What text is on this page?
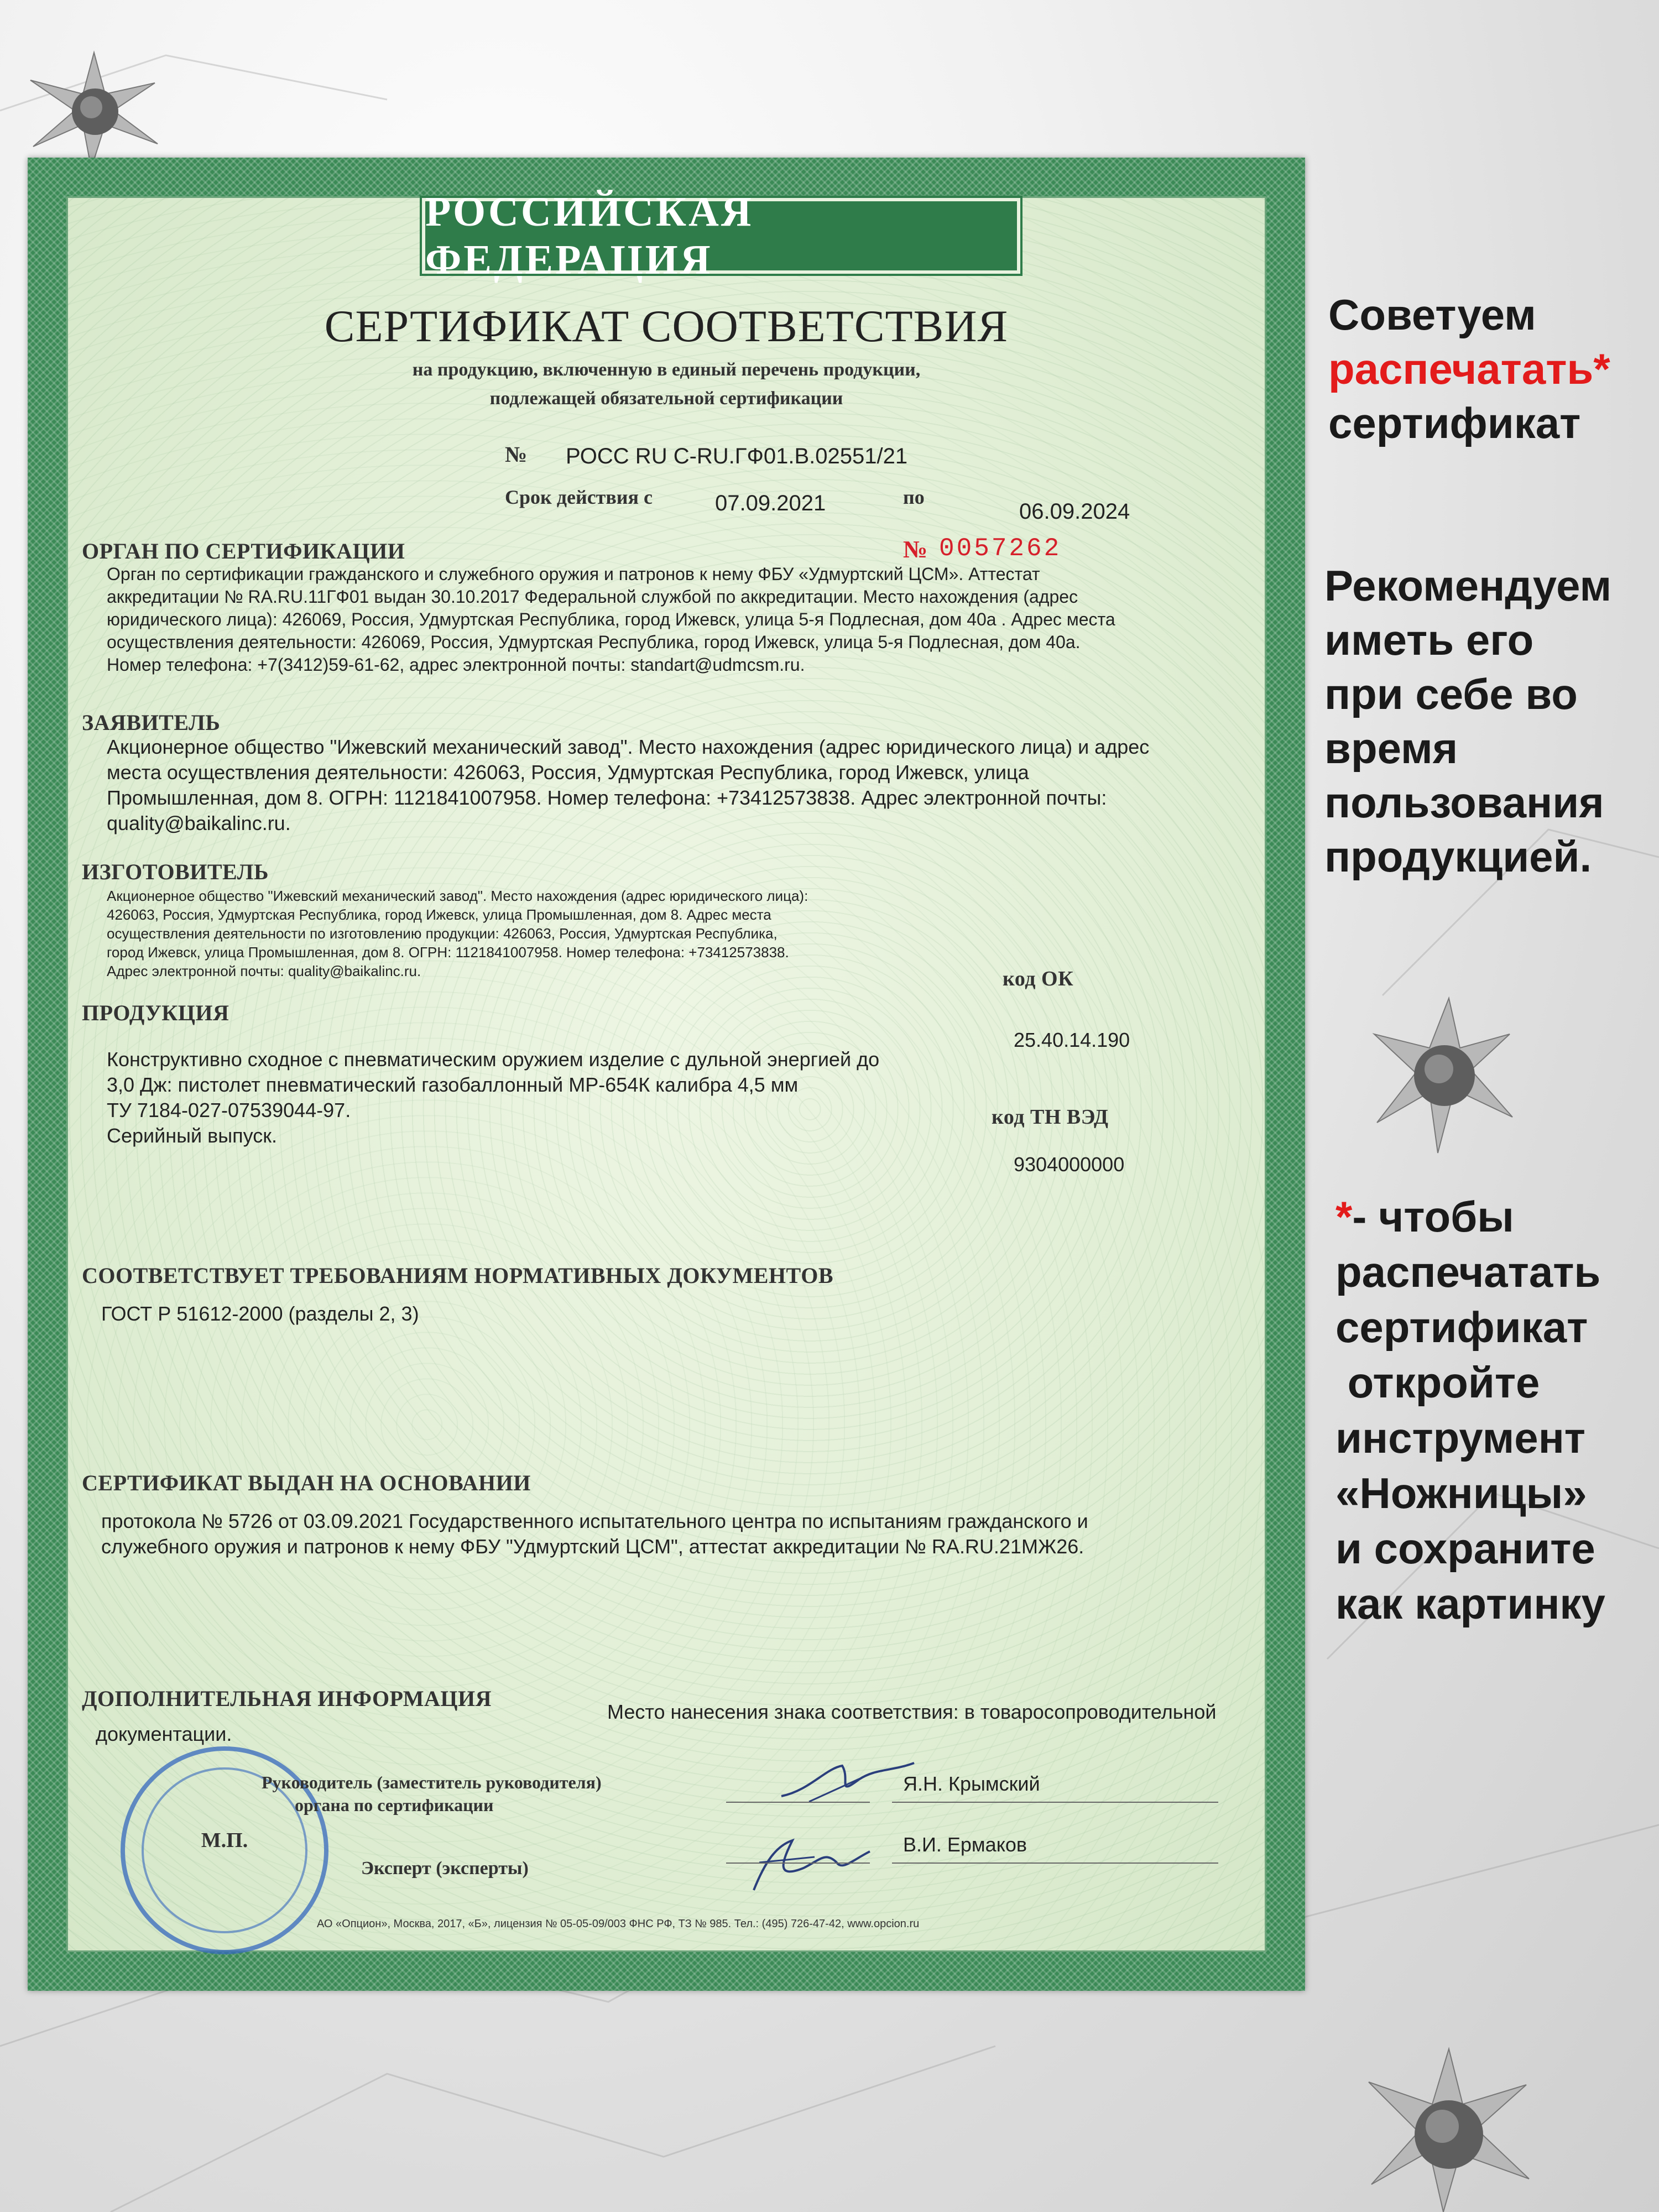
РОССИЙСКАЯ ФЕДЕРАЦИЯ
СЕРТИФИКАТ СООТВЕТСТВИЯ
на продукцию, включенную в единый перечень продукции,
подлежащей обязательной сертификации
№ РОСС RU С-RU.ГФ01.В.02551/21
Срок действия с	07.09.2021	по
06.09.2024
№ 0057262
ОРГАН ПО СЕРТИФИКАЦИИ
Орган по сертификации гражданского и служебного оружия и патронов к нему ФБУ «Удмуртский ЦСМ». Аттестат
аккредитации № RA.RU.11ГФ01 выдан 30.10.2017 Федеральной службой по аккредитации. Место нахождения (адрес
юридического лица): 426069, Россия, Удмуртская Республика, город Ижевск, улица 5-я Подлесная, дом 40а . Адрес места
осуществления деятельности: 426069, Россия, Удмуртская Республика, город Ижевск, улица 5-я Подлесная, дом 40а.
Номер телефона: +7(3412)59-61-62, адрес электронной почты: standart@udmcsm.ru.
ЗАЯВИТЕЛЬ
Акционерное общество "Ижевский механический завод". Место нахождения (адрес юридического лица) и адрес
места осуществления деятельности: 426063, Россия, Удмуртская Республика, город Ижевск, улица
Промышленная, дом 8. ОГРН: 1121841007958. Номер телефона: +73412573838. Адрес электронной почты:
quality@baikalinc.ru.
ИЗГОТОВИТЕЛЬ
Акционерное общество "Ижевский механический завод". Место нахождения (адрес юридического лица):
426063, Россия, Удмуртская Республика, город Ижевск, улица Промышленная, дом 8. Адрес места
осуществления деятельности по изготовлению продукции: 426063, Россия, Удмуртская Республика,
город Ижевск, улица Промышленная, дом 8. ОГРН: 1121841007958. Номер телефона: +73412573838.
Адрес электронной почты: quality@baikalinc.ru.
ПРОДУКЦИЯ
код ОК
25.40.14.190
Конструктивно сходное с пневматическим оружием изделие с дульной энергией до
3,0 Дж: пистолет пневматический газобаллонный МР-654К калибра 4,5 мм
ТУ 7184-027-07539044-97.
Серийный выпуск.
код ТН ВЭД
9304000000
СООТВЕТСТВУЕТ ТРЕБОВАНИЯМ НОРМАТИВНЫХ ДОКУМЕНТОВ
ГОСТ Р 51612-2000 (разделы 2, 3)
СЕРТИФИКАТ ВЫДАН НА ОСНОВАНИИ
протокола № 5726 от 03.09.2021 Государственного испытательного центра по испытаниям гражданского и
служебного оружия и патронов к нему ФБУ "Удмуртский ЦСМ", аттестат аккредитации № RA.RU.21МЖ26.
ДОПОЛНИТЕЛЬНАЯ ИНФОРМАЦИЯ
Место нанесения знака соответствия: в товаросопроводительной
документации.
М.П.
Руководитель (заместитель руководителя)
органа по сертификации
Я.Н. Крымский
Эксперт (эксперты)
В.И. Ермаков
АО «Опцион», Москва, 2017, «Б», лицензия № 05-05-09/003 ФНС РФ, ТЗ № 985. Тел.: (495) 726-47-42, www.opcion.ru
Советуем
распечатать*
сертификат
Рекомендуем
иметь его
при себе во
время
пользования
продукцией.
*- чтобы
распечатать
сертификат
откройте
инструмент
«Ножницы»
и сохраните
как картинку
